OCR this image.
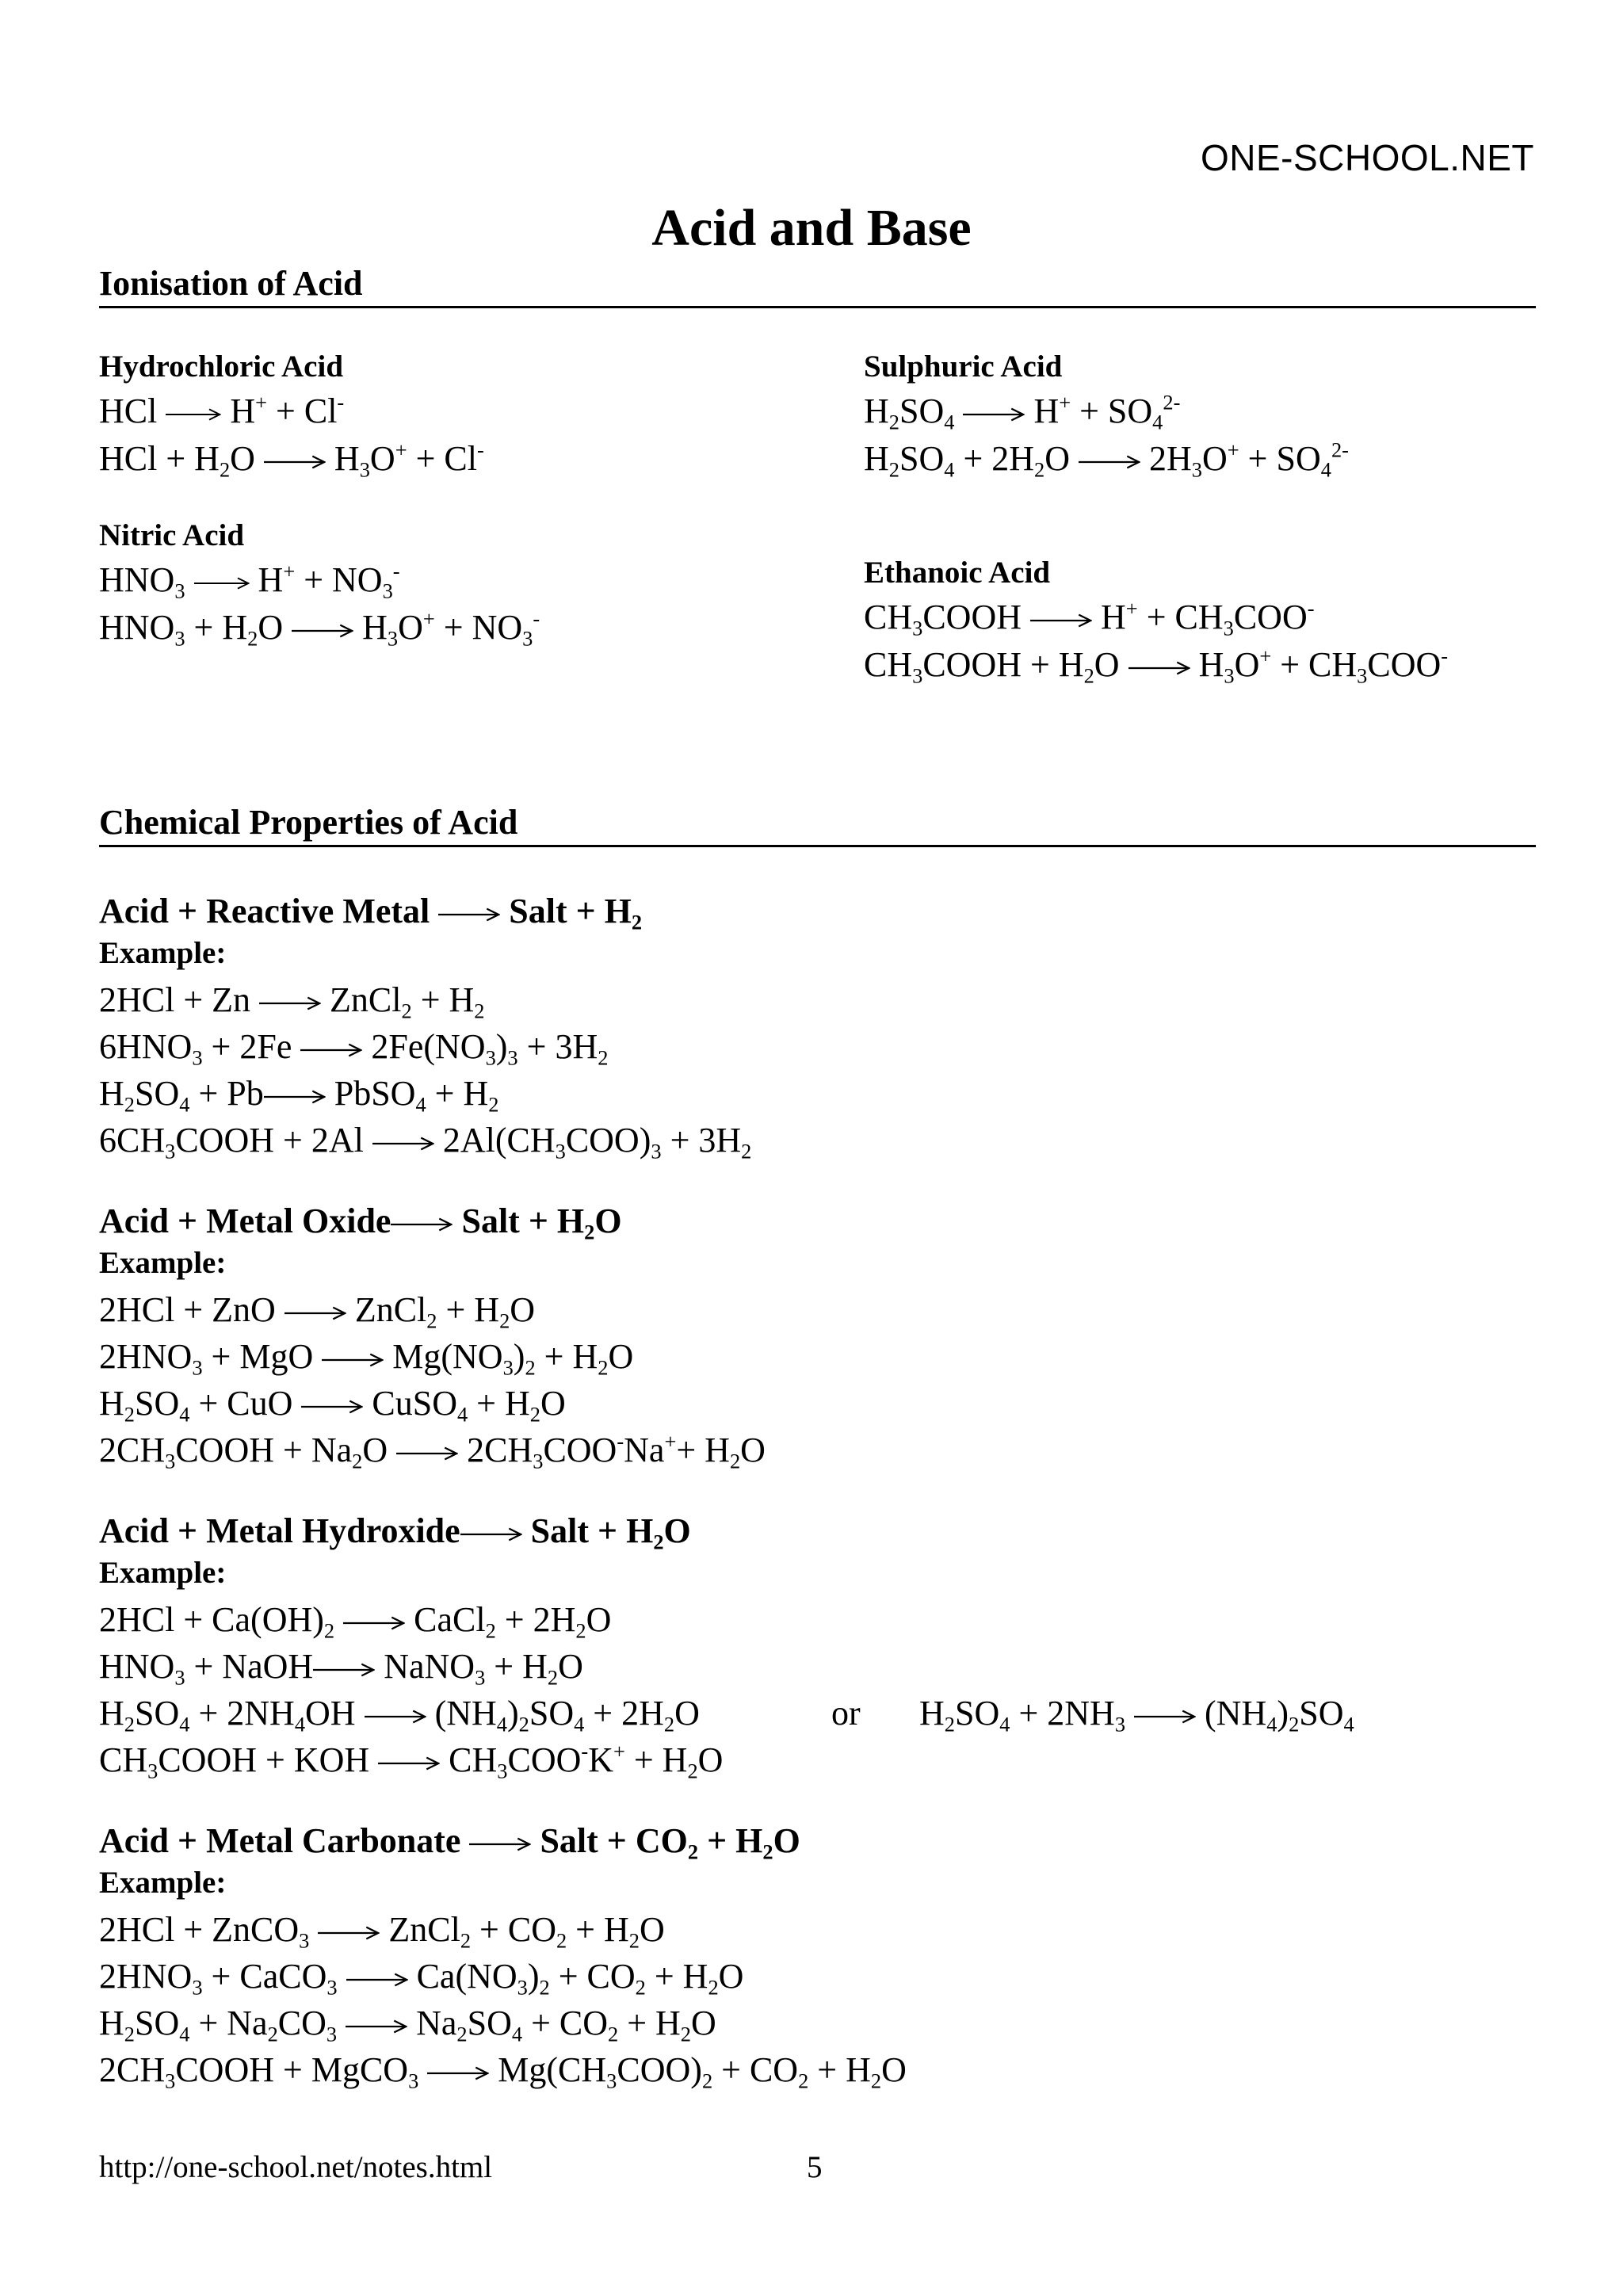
ONE-SCHOOL.NET
Acid and Base
Ionisation of Acid
Hydrochloric Acid
HCl  H+ + Cl-
HCl + $H_2O$  $H_3O^+ + Cl^-$
Nitric Acid
$HNO_3$  $H^+ + NO_3^-$
$HNO_3 + H_2O$  $H_3O^+ + NO_3^-$
Sulphuric Acid
$H_2SO_4$  $H^+ + SO_4^{2-}$
$H_2SO_4 + 2H_2O$  $2H_3O^+ + SO_4^{2-}$
Ethanoic Acid
$CH_3COOH$  $H^+ + CH_3COO^-$
$CH_3COOH + H_2O$  $H_3O^+ + CH_3COO^-$
Chemical Properties of Acid
Acid + Reactive Metal  Salt + $H_2$
Example:
2HCl + Zn  ZnCl$_2$ + $H_2$
$6HNO_3 + 2Fe$  $2Fe(NO_3)_3 + 3H_2$
$H_2SO_4 + Pb$ PbSO$_4$ + $H_2$
$6CH_3COOH + 2Al$  $2Al(CH_3COO)_3 + 3H_2$
Acid + Metal Oxide Salt + $H_2O$
Example:
2HCl + ZnO  ZnCl$_2$ + $H_2O$
$2HNO_3$ + MgO  $Mg(NO_3)_2 + H_2O$
$H_2SO_4$ + CuO  CuSO$_4$ + $H_2O$
$2CH_3COOH + Na_2O$  $2CH_3COO^-Na^++ H_2O$
Acid + Metal Hydroxide Salt + $H_2O$
Example:
$2HCl + Ca(OH)_2$  CaCl$_2$ + $2H_2O$
$HNO_3$ + NaOH NaNO$_3$ + $H_2O$
$H_2SO_4 + 2NH_4OH$  $(NH_4)_2SO_4 + 2H_2O$	or $H_2SO_4 + 2NH_3$  $(NH_4)_2SO_4$
$CH_3COOH$ + KOH  $CH_3COO^-K^+ + H_2O$
Acid + Metal Carbonate  Salt + $CO_2 + H_2O$
Example:
2HCl + ZnCO$_3$  ZnCl$_2$ + $CO_2 + H_2O$
$2HNO_3$ + CaCO$_3$  $Ca(NO_3)_2 + CO_2 + H_2O$
$H_2SO_4 + Na_2CO_3$  $Na_2SO_4 + CO_2 + H_2O$
$2CH_3COOH$ + MgCO$_3$  $Mg(CH_3COO)_2 + CO_2 + H_2O$
http://one-school.net/notes.html	5
